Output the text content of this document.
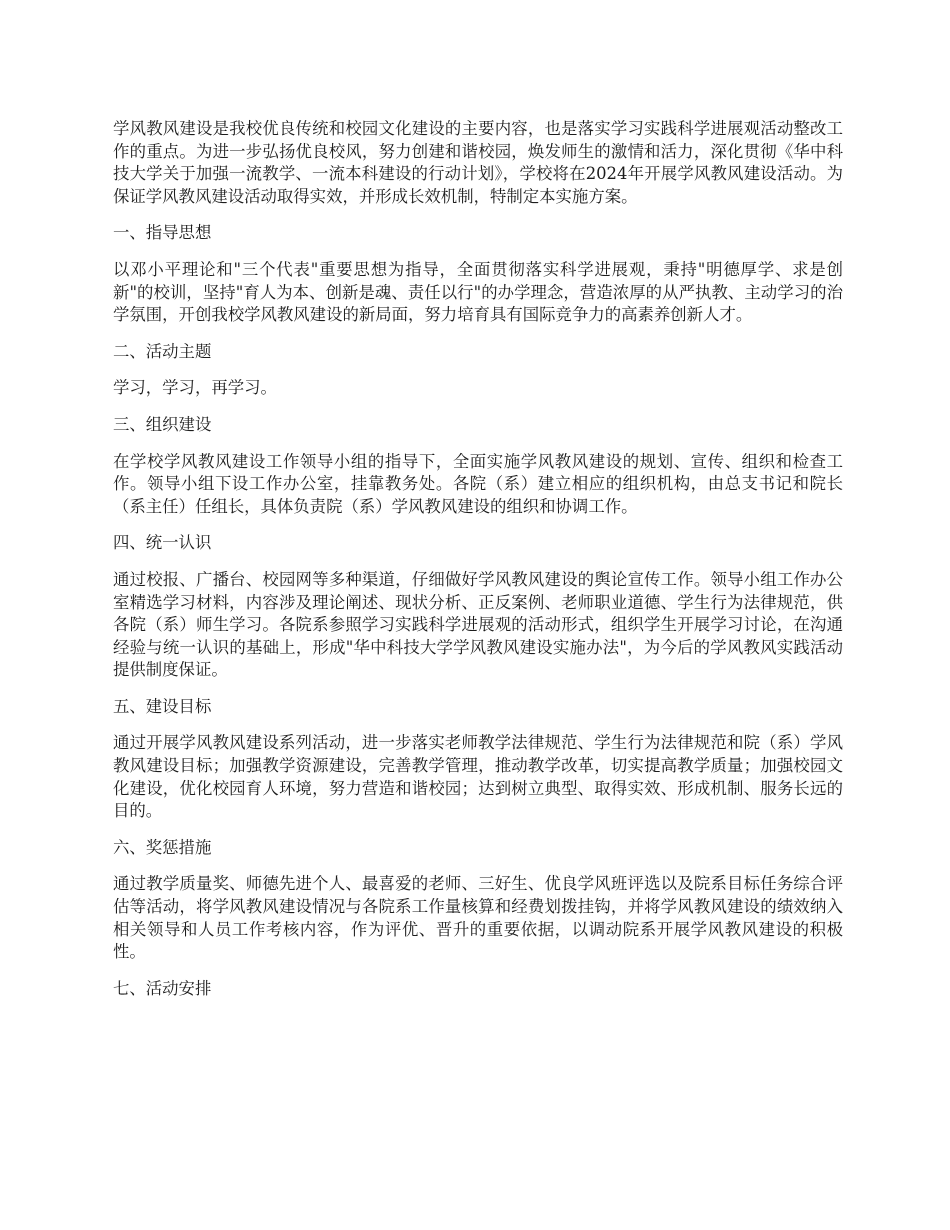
学风教风建设是我校优良传统和校园文化建设的主要内容，也是落实学习实践科学进展观活动整改工作的重点。为进一步弘扬优良校风，努力创建和谐校园，焕发师生的激情和活力，深化贯彻《华中科技大学关于加强一流教学、一流本科建设的行动计划》，学校将在2024年开展学风教风建设活动。为保证学风教风建设活动取得实效，并形成长效机制，特制定本实施方案。

一、指导思想

以邓小平理论和"三个代表"重要思想为指导，全面贯彻落实科学进展观，秉持"明德厚学、求是创新"的校训，坚持"育人为本、创新是魂、责任以行"的办学理念，营造浓厚的从严执教、主动学习的治学氛围，开创我校学风教风建设的新局面，努力培育具有国际竞争力的高素养创新人才。

二、活动主题

学习，学习，再学习。

三、组织建设

在学校学风教风建设工作领导小组的指导下，全面实施学风教风建设的规划、宣传、组织和检查工作。领导小组下设工作办公室，挂靠教务处。各院（系）建立相应的组织机构，由总支书记和院长（系主任）任组长，具体负责院（系）学风教风建设的组织和协调工作。

四、统一认识

通过校报、广播台、校园网等多种渠道，仔细做好学风教风建设的舆论宣传工作。领导小组工作办公室精选学习材料，内容涉及理论阐述、现状分析、正反案例、老师职业道德、学生行为法律规范，供各院（系）师生学习。各院系参照学习实践科学进展观的活动形式，组织学生开展学习讨论，在沟通经验与统一认识的基础上，形成"华中科技大学学风教风建设实施办法"，为今后的学风教风实践活动提供制度保证。

五、建设目标

通过开展学风教风建设系列活动，进一步落实老师教学法律规范、学生行为法律规范和院（系）学风教风建设目标；加强教学资源建设，完善教学管理，推动教学改革，切实提高教学质量；加强校园文化建设，优化校园育人环境，努力营造和谐校园；达到树立典型、取得实效、形成机制、服务长远的目的。

六、奖惩措施

通过教学质量奖、师德先进个人、最喜爱的老师、三好生、优良学风班评选以及院系目标任务综合评估等活动，将学风教风建设情况与各院系工作量核算和经费划拨挂钩，并将学风教风建设的绩效纳入相关领导和人员工作考核内容，作为评优、晋升的重要依据，以调动院系开展学风教风建设的积极性。

七、活动安排
